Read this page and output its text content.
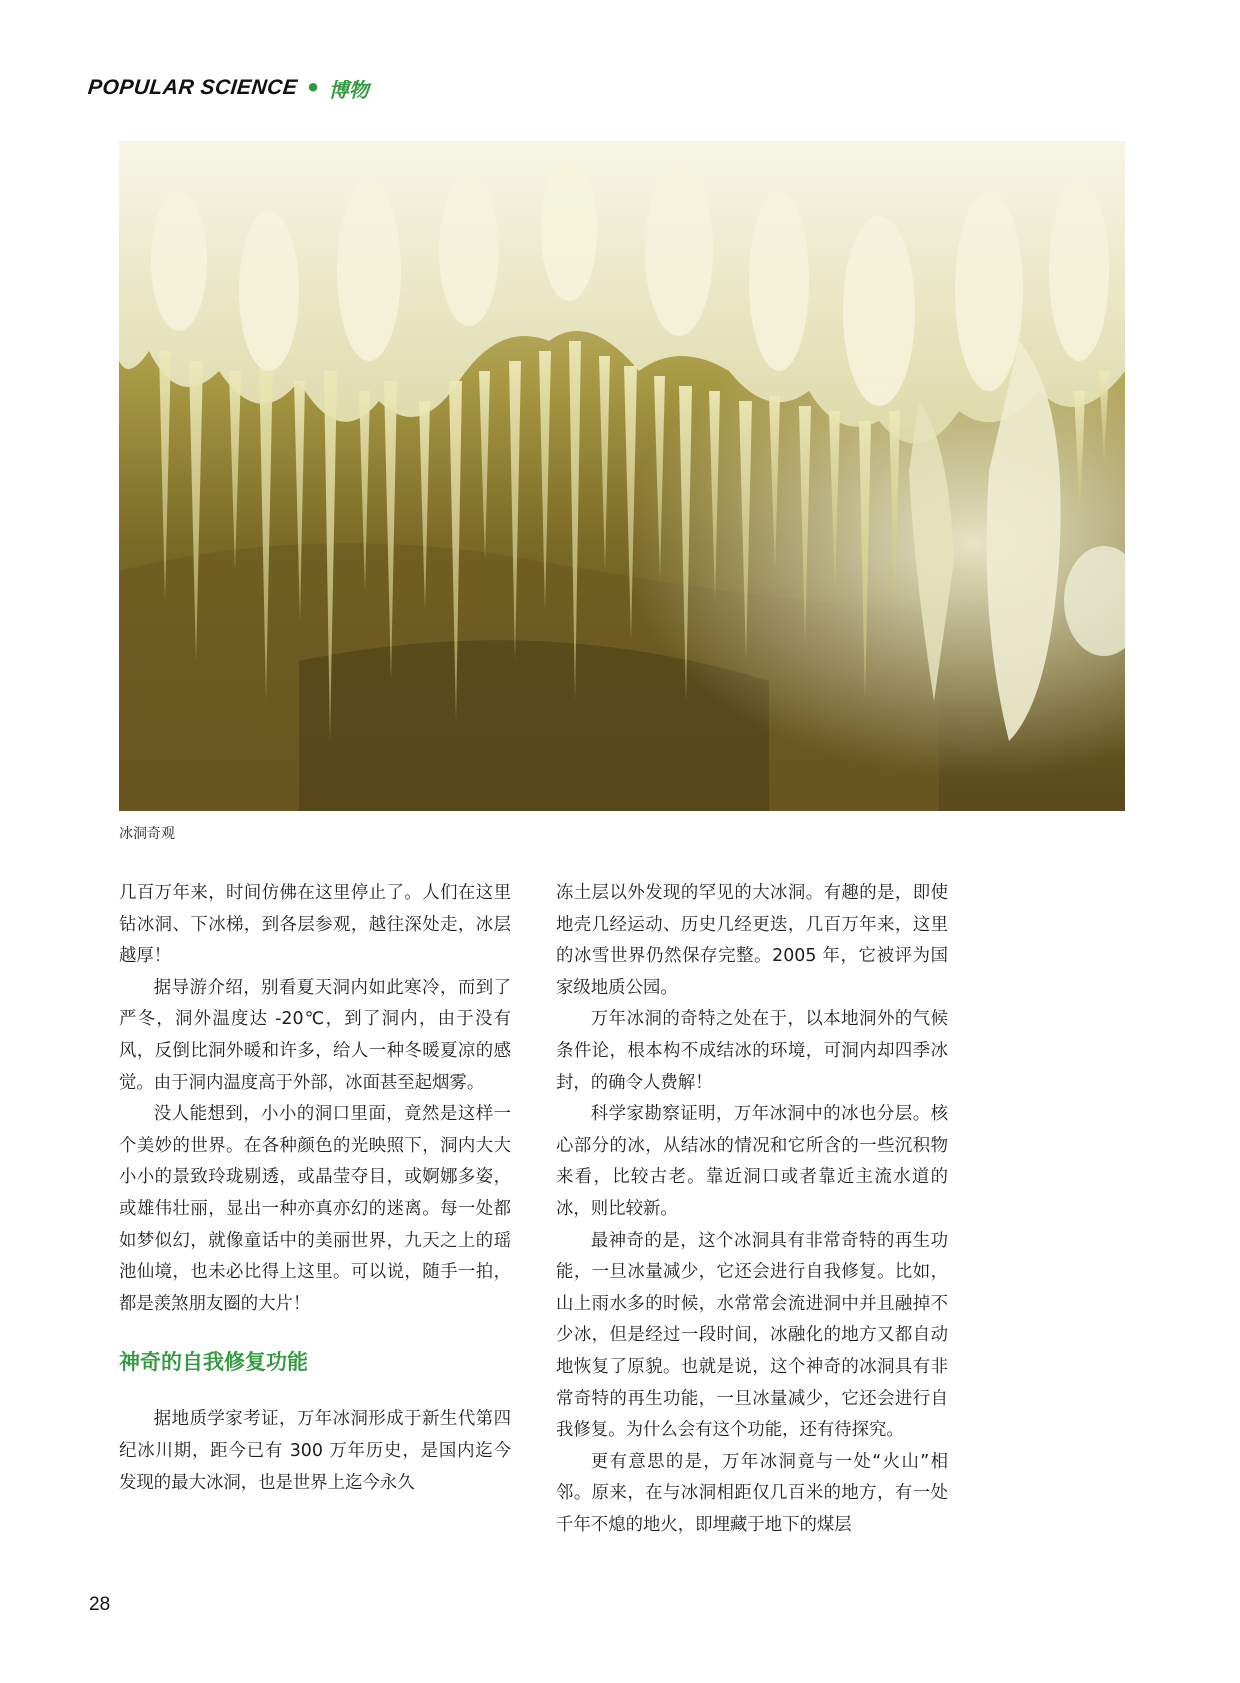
POPULAR SCIENCE • 博物
冰洞奇观

几百万年来，时间仿佛在这里停止了。人们在这里钻冰洞、下冰梯，到各层参观，越往深处走，冰层越厚！

据导游介绍，别看夏天洞内如此寒冷，而到了严冬，洞外温度达 -20℃，到了洞内，由于没有风，反倒比洞外暖和许多，给人一种冬暖夏凉的感觉。由于洞内温度高于外部，冰面甚至起烟雾。

没人能想到，小小的洞口里面，竟然是这样一个美妙的世界。在各种颜色的光映照下，洞内大大小小的景致玲珑剔透，或晶莹夺目，或婀娜多姿，或雄伟壮丽，显出一种亦真亦幻的迷离。每一处都如梦似幻，就像童话中的美丽世界，九天之上的瑶池仙境，也未必比得上这里。可以说，随手一拍，都是羡煞朋友圈的大片！

神奇的自我修复功能

据地质学家考证，万年冰洞形成于新生代第四纪冰川期，距今已有 300 万年历史，是国内迄今发现的最大冰洞，也是世界上迄今永久

冻土层以外发现的罕见的大冰洞。有趣的是，即使地壳几经运动、历史几经更迭，几百万年来，这里的冰雪世界仍然保存完整。2005 年，它被评为国家级地质公园。

万年冰洞的奇特之处在于，以本地洞外的气候条件论，根本构不成结冰的环境，可洞内却四季冰封，的确令人费解！

科学家勘察证明，万年冰洞中的冰也分层。核心部分的冰，从结冰的情况和它所含的一些沉积物来看，比较古老。靠近洞口或者靠近主流水道的冰，则比较新。

最神奇的是，这个冰洞具有非常奇特的再生功能，一旦冰量减少，它还会进行自我修复。比如，山上雨水多的时候，水常常会流进洞中并且融掉不少冰，但是经过一段时间，冰融化的地方又都自动地恢复了原貌。也就是说，这个神奇的冰洞具有非常奇特的再生功能，一旦冰量减少，它还会进行自我修复。为什么会有这个功能，还有待探究。

更有意思的是，万年冰洞竟与一处“火山”相邻。原来，在与冰洞相距仅几百米的地方，有一处千年不熄的地火，即埋藏于地下的煤层

28
